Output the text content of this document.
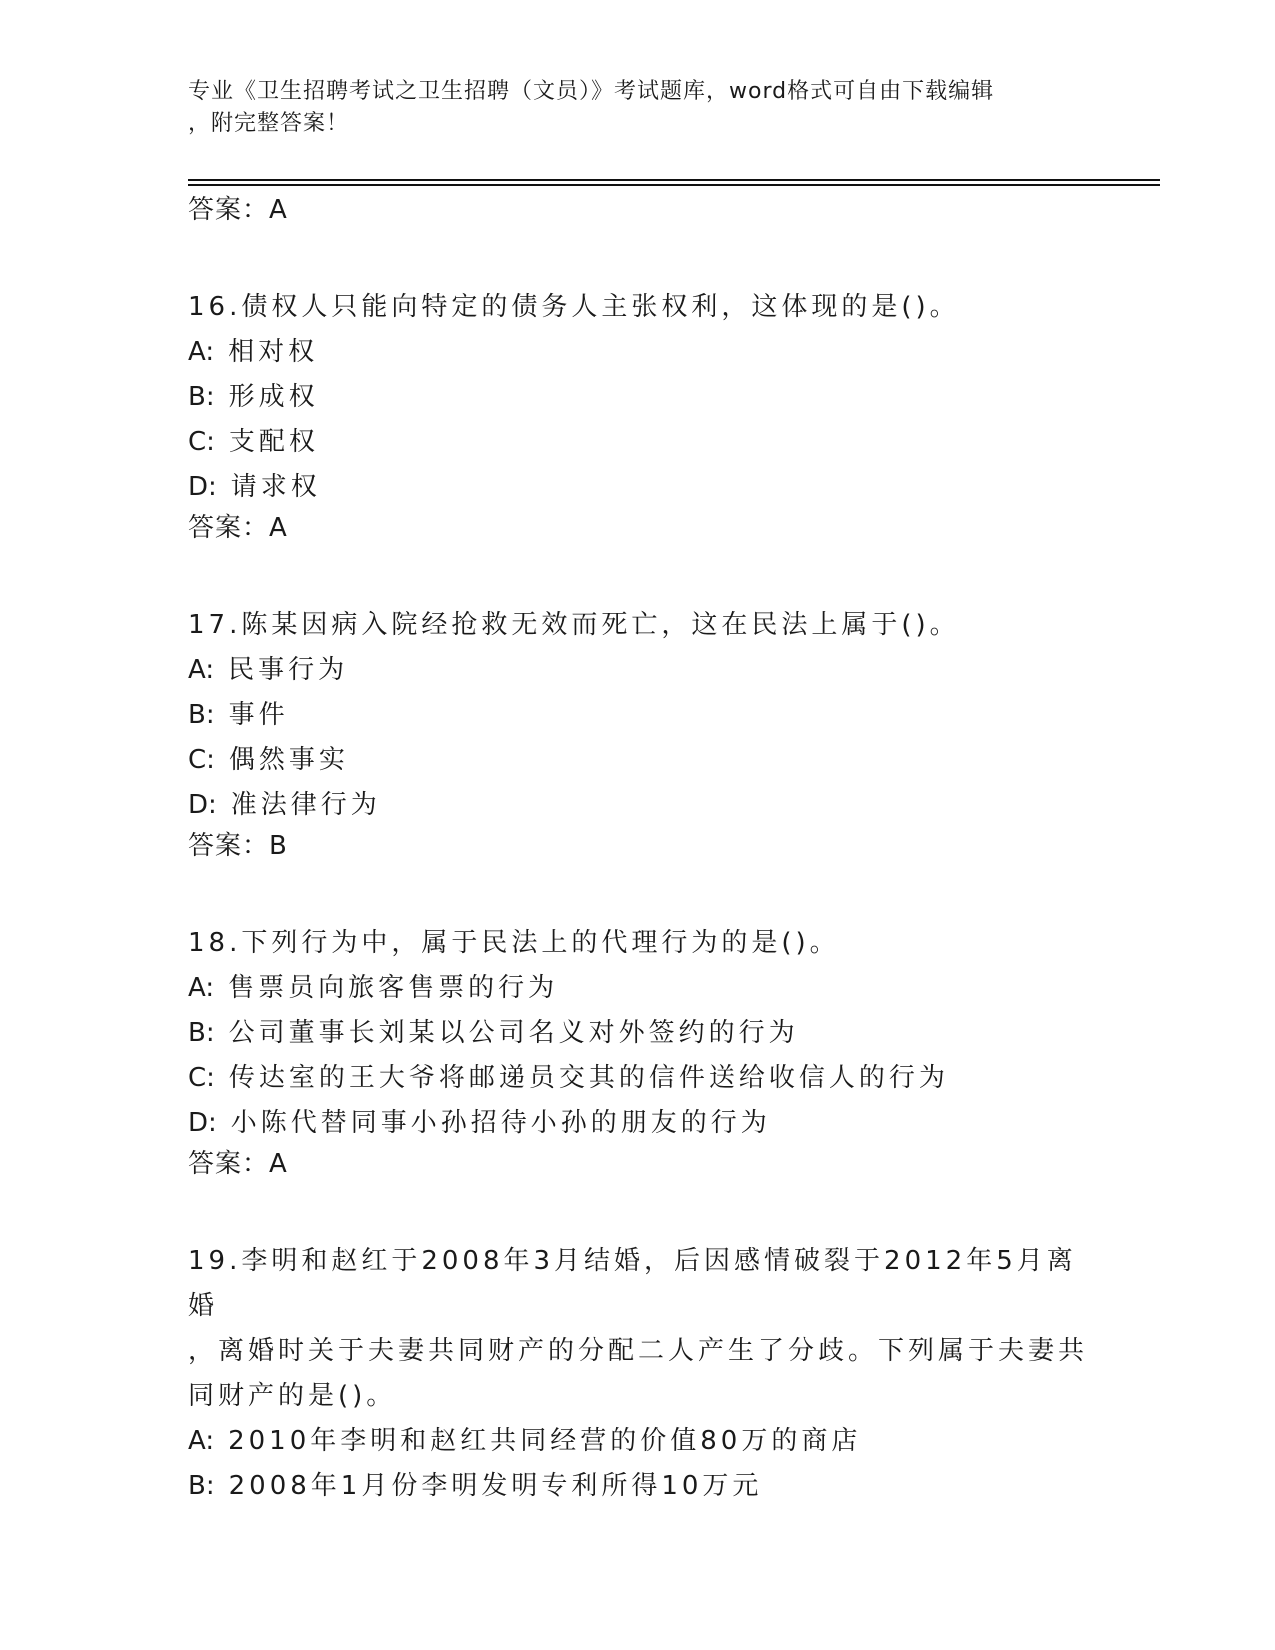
专业《卫生招聘考试之卫生招聘（文员）》考试题库，word格式可自由下载编辑
，附完整答案！
答案：A
16.债权人只能向特定的债务人主张权利，这体现的是()。
A: 相对权
B: 形成权
C: 支配权
D: 请求权
答案：A
17.陈某因病入院经抢救无效而死亡，这在民法上属于()。
A: 民事行为
B: 事件
C: 偶然事实
D: 准法律行为
答案：B
18.下列行为中，属于民法上的代理行为的是()。
A: 售票员向旅客售票的行为
B: 公司董事长刘某以公司名义对外签约的行为
C: 传达室的王大爷将邮递员交其的信件送给收信人的行为
D: 小陈代替同事小孙招待小孙的朋友的行为
答案：A
19.李明和赵红于2008年3月结婚，后因感情破裂于2012年5月离婚
，离婚时关于夫妻共同财产的分配二人产生了分歧。下列属于夫妻共
同财产的是()。
A: 2010年李明和赵红共同经营的价值80万的商店
B: 2008年1月份李明发明专利所得10万元
